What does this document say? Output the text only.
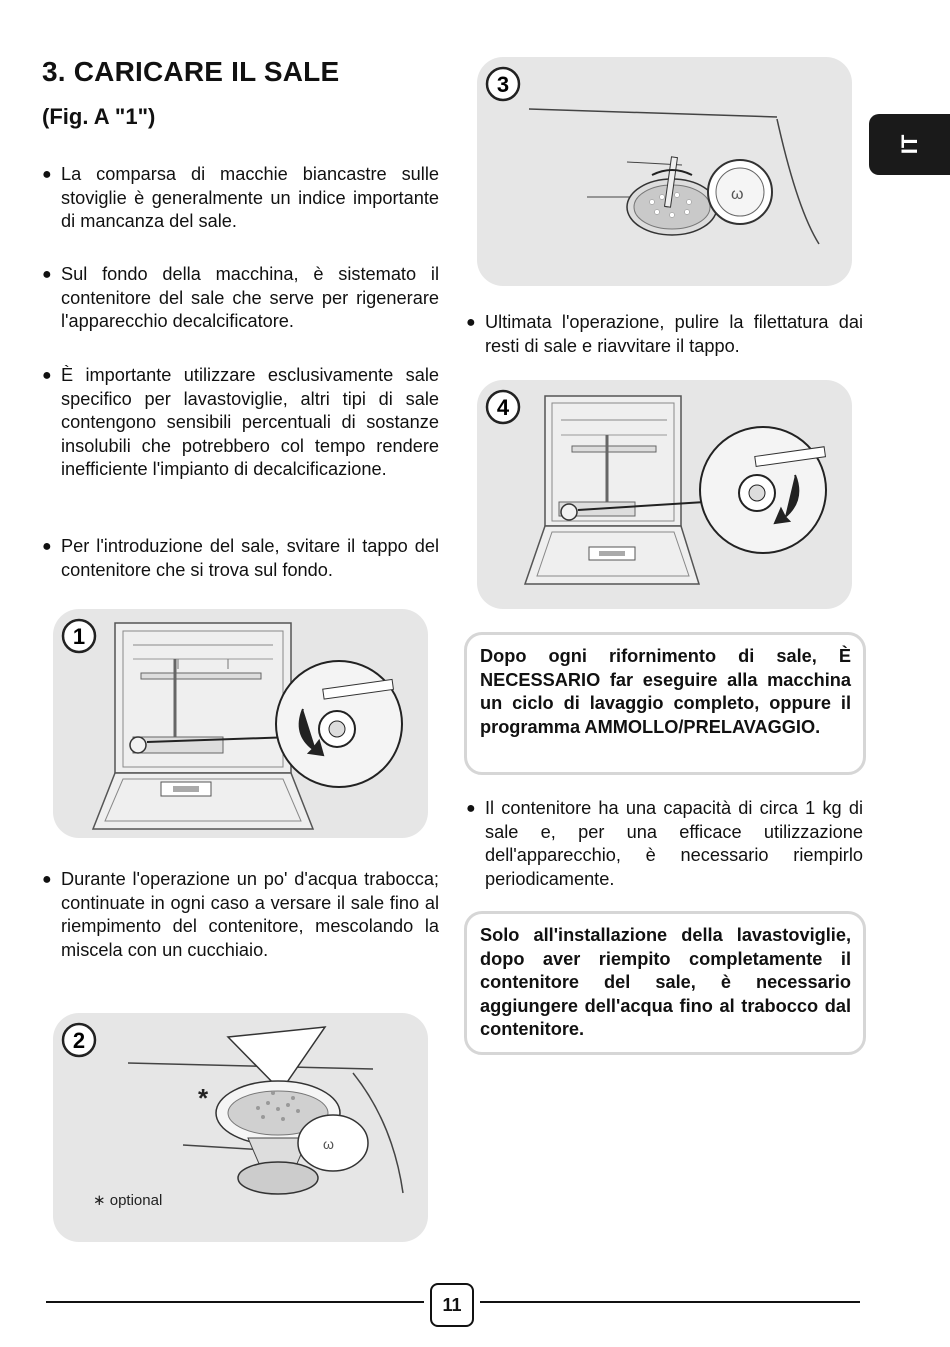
3. CARICARE IL SALE
(Fig. A "1")
IT
● La comparsa di macchie biancastre sulle stoviglie è generalmente un indice importante di mancanza del sale.
● Sul fondo della macchina, è sistemato il contenitore del sale che serve per rigenerare l'apparecchio decalcificatore.
● È importante utilizzare esclusivamente sale specifico per lavastoviglie, altri tipi di sale contengono sensibili percentuali di sostanze insolubili che potrebbero col tempo rendere inefficiente l'impianto di decalcificazione.
● Per l'introduzione del sale, svitare il tappo del contenitore che si trova sul fondo.
● Durante l'operazione un po' d'acqua trabocca; continuate in ogni caso a versare il sale fino al riempimento del contenitore, mescolando la miscela con un cucchiaio.
1
ω
*
∗ optional
2
ω
3
● Ultimata l'operazione, pulire la filettatura dai resti di sale e riavvitare il tappo.
4
Dopo ogni rifornimento di sale, È NECESSARIO far eseguire alla macchina un ciclo di lavaggio completo, oppure il programma AMMOLLO/PRELAVAGGIO.
● Il contenitore ha una capacità di circa 1 kg di sale e, per una efficace utilizzazione dell'apparecchio, è necessario riempirlo periodicamente.
Solo all'installazione della lavastoviglie, dopo aver riempito completamente il contenitore del sale, è necessario aggiungere dell'acqua fino al trabocco dal contenitore.
11
